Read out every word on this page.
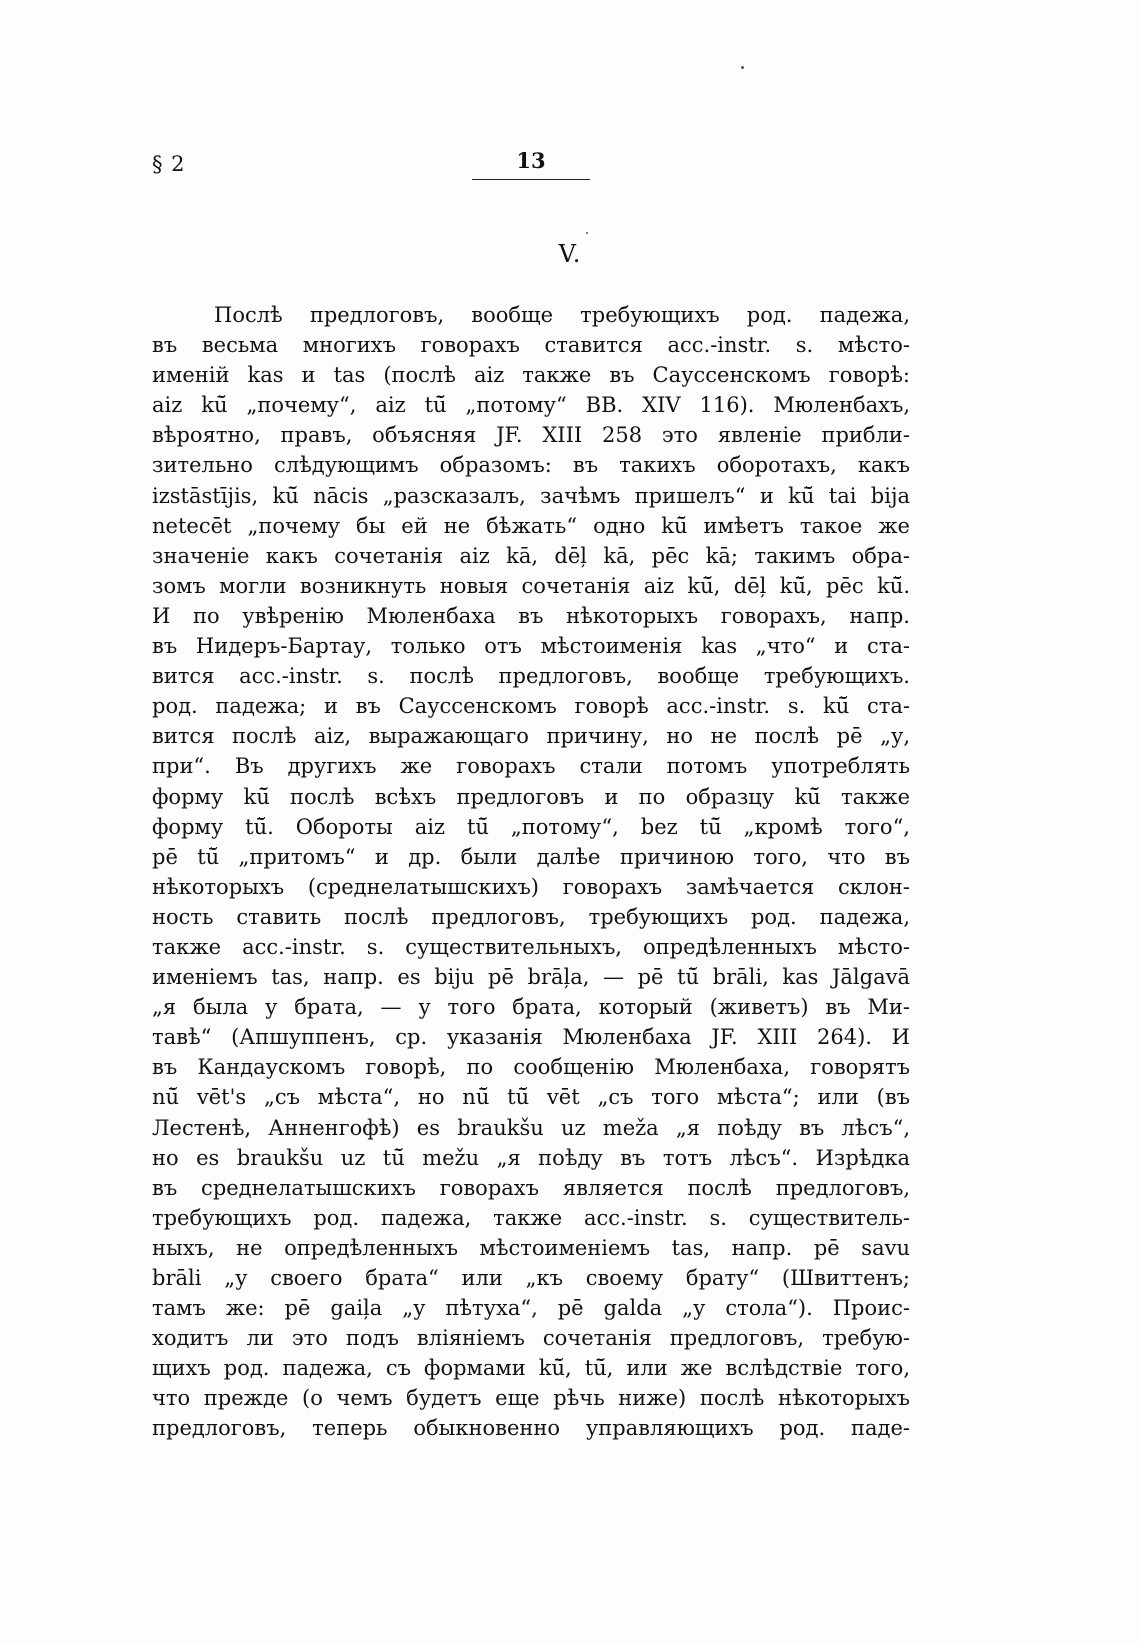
§ 2	13
V.
Послѣ предлоговъ, вообще требующихъ род. падежа,
въ весьма многихъ говорахъ ставится acc.-instr. s. мѣсто-
именій kas и tas (послѣ aiz также въ Сауссенскомъ говорѣ:
aiz kū̆ „почему“, aiz tū̆ „потому“ BB. XIV 116). Мюленбахъ,
вѣроятно, правъ, объясняя JF. XIII 258 это явленіе прибли-
зительно слѣдующимъ образомъ: въ такихъ оборотахъ, какъ
izstāstījis, kū̆ nācis „разсказалъ, зачѣмъ пришелъ“ и kū̆ tai bija
netecēt „почему бы ей не бѣжать“ одно kū̆ имѣетъ такое же
значеніе какъ сочетанія aiz kā, dēļ kā, pēc kā; такимъ обра-
зомъ могли возникнуть новыя сочетанія aiz kū̆, dēļ kū̆, pēc kū̆.
И по увѣренію Мюленбаха въ нѣкоторыхъ говорахъ, напр.
въ Нидеръ-Бартау, только отъ мѣстоименія kas „что“ и ста-
вится acc.-instr. s. послѣ предлоговъ, вообще требующихъ.
род. падежа; и въ Сауссенскомъ говорѣ acc.-instr. s. kū̆ ста-
вится послѣ aiz, выражающаго причину, но не послѣ pē „у,
при“. Въ другихъ же говорахъ стали потомъ употреблять
форму kū̆ послѣ всѣхъ предлоговъ и по образцу kū̆ также
форму tū̆. Обороты aiz tū̆ „потому“, bez tū̆ „кромѣ того“,
pē tū̆ „притомъ“ и др. были далѣе причиною того, что въ
нѣкоторыхъ (среднелатышскихъ) говорахъ замѣчается склон-
ность ставить послѣ предлоговъ, требующихъ род. падежа,
также acc.-instr. s. существительныхъ, опредѣленныхъ мѣсто-
именіемъ tas, напр. es biju pē brāļa, — pē tū̆ brāli, kas Jālgavā
„я была у брата, — у того брата, который (живетъ) въ Ми-
тавѣ“ (Апшуппенъ, ср. указанія Мюленбаха JF. XIII 264). И
въ Кандаускомъ говорѣ, по сообщенію Мюленбаха, говорятъ
nū̆ vēt's „съ мѣста“, но nū̆ tū̆ vēt „съ того мѣста“; или (въ
Лестенѣ, Анненгофѣ) es braukšu uz meža „я поѣду въ лѣсъ“,
но es braukšu uz tū̆ mežu „я поѣду въ тотъ лѣсъ“. Изрѣдка
въ среднелатышскихъ говорахъ является послѣ предлоговъ,
требующихъ род. падежа, также acc.-instr. s. существитель-
ныхъ, не опредѣленныхъ мѣстоименіемъ tas, напр. pē savu
brāli „у своего брата“ или „къ своему брату“ (Швиттенъ;
тамъ же: pē gaiļa „у пѣтуха“, pē galda „у стола“). Проис-
ходитъ ли это подъ вліяніемъ сочетанія предлоговъ, требую-
щихъ род. падежа, съ формами kū̆, tū̆, или же вслѣдствіе того,
что прежде (о чемъ будетъ еще рѣчь ниже) послѣ нѣкоторыхъ
предлоговъ, теперь обыкновенно управляющихъ род. паде-
